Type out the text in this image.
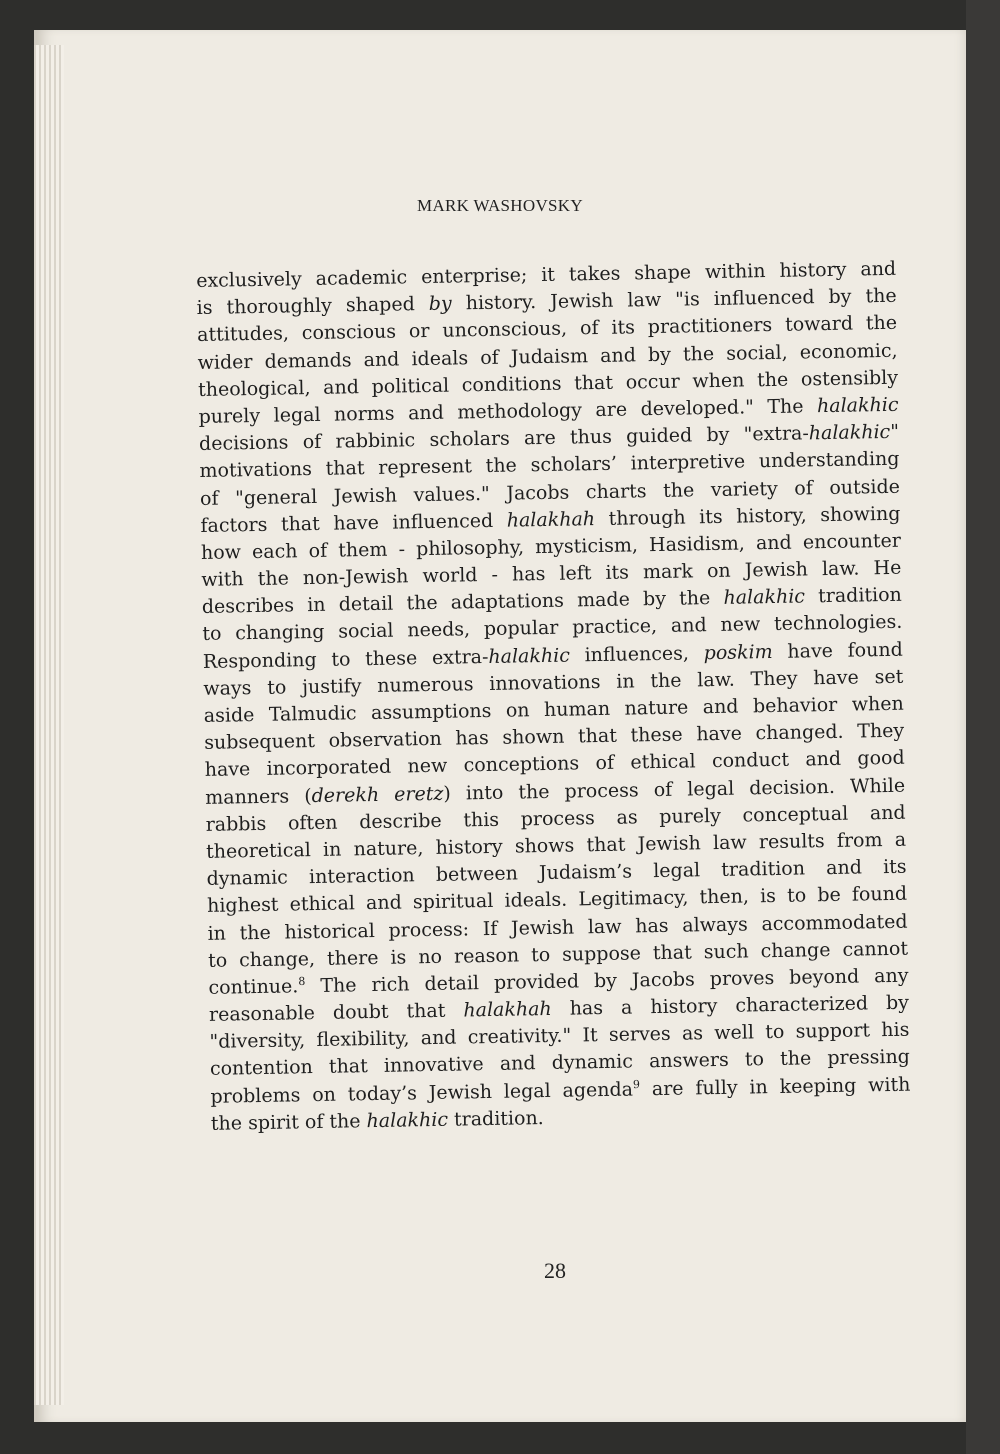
MARK WASHOVSKY
exclusively academic enterprise; it takes shape within history and
is thoroughly shaped by history. Jewish law "is influenced by the
attitudes, conscious or unconscious, of its practitioners toward the
wider demands and ideals of Judaism and by the social, economic,
theological, and political conditions that occur when the ostensibly
purely legal norms and methodology are developed." The halakhic
decisions of rabbinic scholars are thus guided by "extra-halakhic"
motivations that represent the scholars’ interpretive understanding
of "general Jewish values." Jacobs charts the variety of outside
factors that have influenced halakhah through its history, showing
how each of them - philosophy, mysticism, Hasidism, and encounter
with the non-Jewish world - has left its mark on Jewish law. He
describes in detail the adaptations made by the halakhic tradition
to changing social needs, popular practice, and new technologies.
Responding to these extra-halakhic influences, poskim have found
ways to justify numerous innovations in the law. They have set
aside Talmudic assumptions on human nature and behavior when
subsequent observation has shown that these have changed. They
have incorporated new conceptions of ethical conduct and good
manners (derekh eretz) into the process of legal decision. While
rabbis often describe this process as purely conceptual and
theoretical in nature, history shows that Jewish law results from a
dynamic interaction between Judaism’s legal tradition and its
highest ethical and spiritual ideals. Legitimacy, then, is to be found
in the historical process: If Jewish law has always accommodated
to change, there is no reason to suppose that such change cannot
continue.$^8$ The rich detail provided by Jacobs proves beyond any
reasonable doubt that halakhah has a history characterized by
"diversity, flexibility, and creativity." It serves as well to support his
contention that innovative and dynamic answers to the pressing
problems on today’s Jewish legal agenda$^9$ are fully in keeping with
the spirit of the halakhic tradition.
28
